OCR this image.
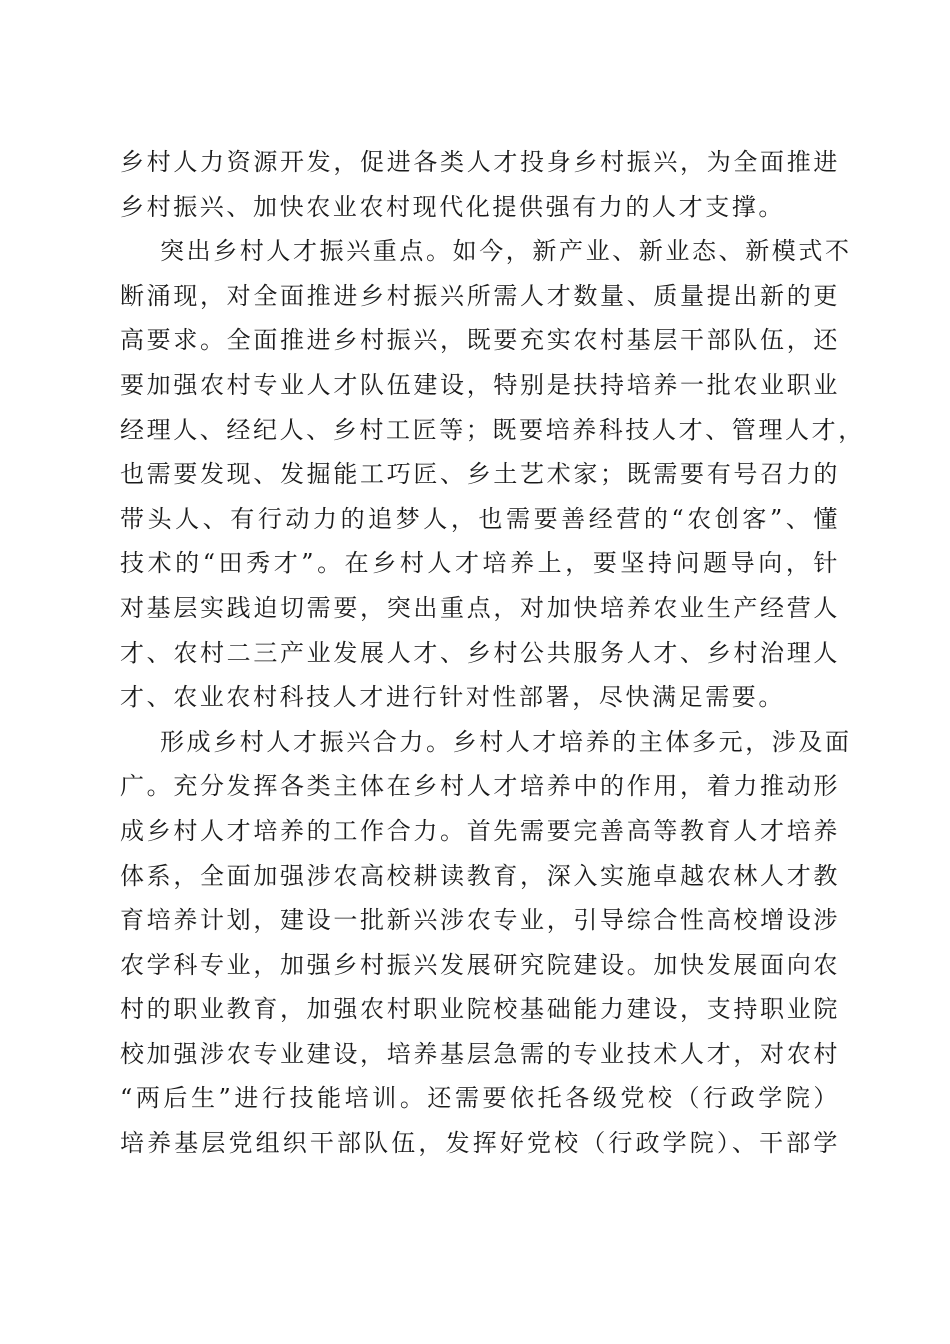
乡村人力资源开发，促进各类人才投身乡村振兴，为全面推进
乡村振兴、加快农业农村现代化提供强有力的人才支撑。
突出乡村人才振兴重点。如今，新产业、新业态、新模式不
断涌现，对全面推进乡村振兴所需人才数量、质量提出新的更
高要求。全面推进乡村振兴，既要充实农村基层干部队伍，还
要加强农村专业人才队伍建设，特别是扶持培养一批农业职业
经理人、经纪人、乡村工匠等；既要培养科技人才、管理人才，
也需要发现、发掘能工巧匠、乡土艺术家；既需要有号召力的
带头人、有行动力的追梦人，也需要善经营的“农创客”、懂
技术的“田秀才”。在乡村人才培养上，要坚持问题导向，针
对基层实践迫切需要，突出重点，对加快培养农业生产经营人
才、农村二三产业发展人才、乡村公共服务人才、乡村治理人
才、农业农村科技人才进行针对性部署，尽快满足需要。
形成乡村人才振兴合力。乡村人才培养的主体多元，涉及面
广。充分发挥各类主体在乡村人才培养中的作用，着力推动形
成乡村人才培养的工作合力。首先需要完善高等教育人才培养
体系，全面加强涉农高校耕读教育，深入实施卓越农林人才教
育培养计划，建设一批新兴涉农专业，引导综合性高校增设涉
农学科专业，加强乡村振兴发展研究院建设。加快发展面向农
村的职业教育，加强农村职业院校基础能力建设，支持职业院
校加强涉农专业建设，培养基层急需的专业技术人才，对农村
“两后生”进行技能培训。还需要依托各级党校（行政学院）
培养基层党组织干部队伍，发挥好党校（行政学院）、干部学
